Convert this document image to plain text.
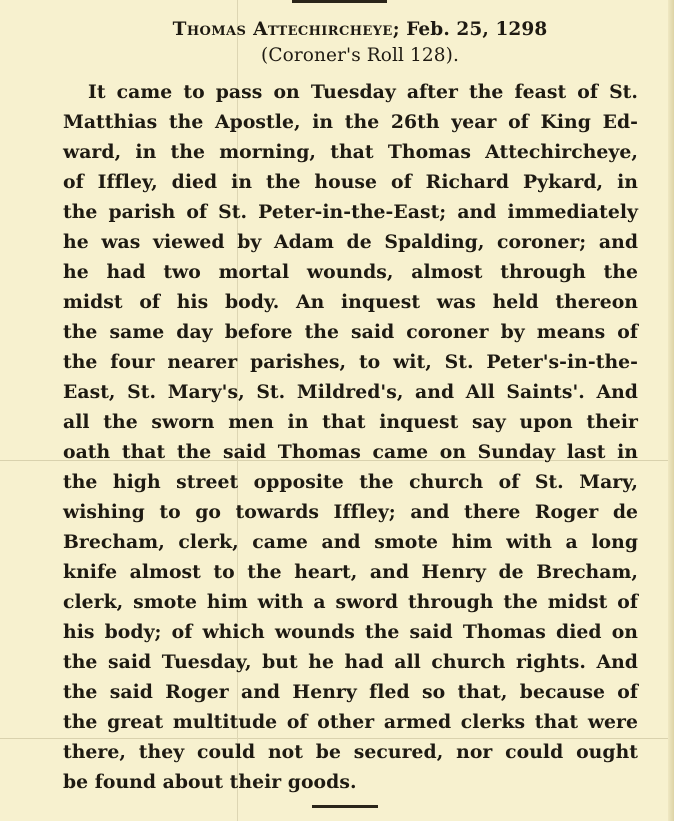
Thomas Attechircheye; Feb. 25, 1298
(Coroner's Roll 128).
It came to pass on Tuesday after the feast of St.
Matthias the Apostle, in the 26th year of King Ed-
ward, in the morning, that Thomas Attechircheye,
of Iffley, died in the house of Richard Pykard, in
the parish of St. Peter-in-the-East; and immediately
he was viewed by Adam de Spalding, coroner; and
he had two mortal wounds, almost through the
midst of his body. An inquest was held thereon
the same day before the said coroner by means of
the four nearer parishes, to wit, St. Peter's-in-the-
East, St. Mary's, St. Mildred's, and All Saints'. And
all the sworn men in that inquest say upon their
oath that the said Thomas came on Sunday last in
the high street opposite the church of St. Mary,
wishing to go towards Iffley; and there Roger de
Brecham, clerk, came and smote him with a long
knife almost to the heart, and Henry de Brecham,
clerk, smote him with a sword through the midst of
his body; of which wounds the said Thomas died on
the said Tuesday, but he had all church rights. And
the said Roger and Henry fled so that, because of
the great multitude of other armed clerks that were
there, they could not be secured, nor could ought
be found about their goods.
